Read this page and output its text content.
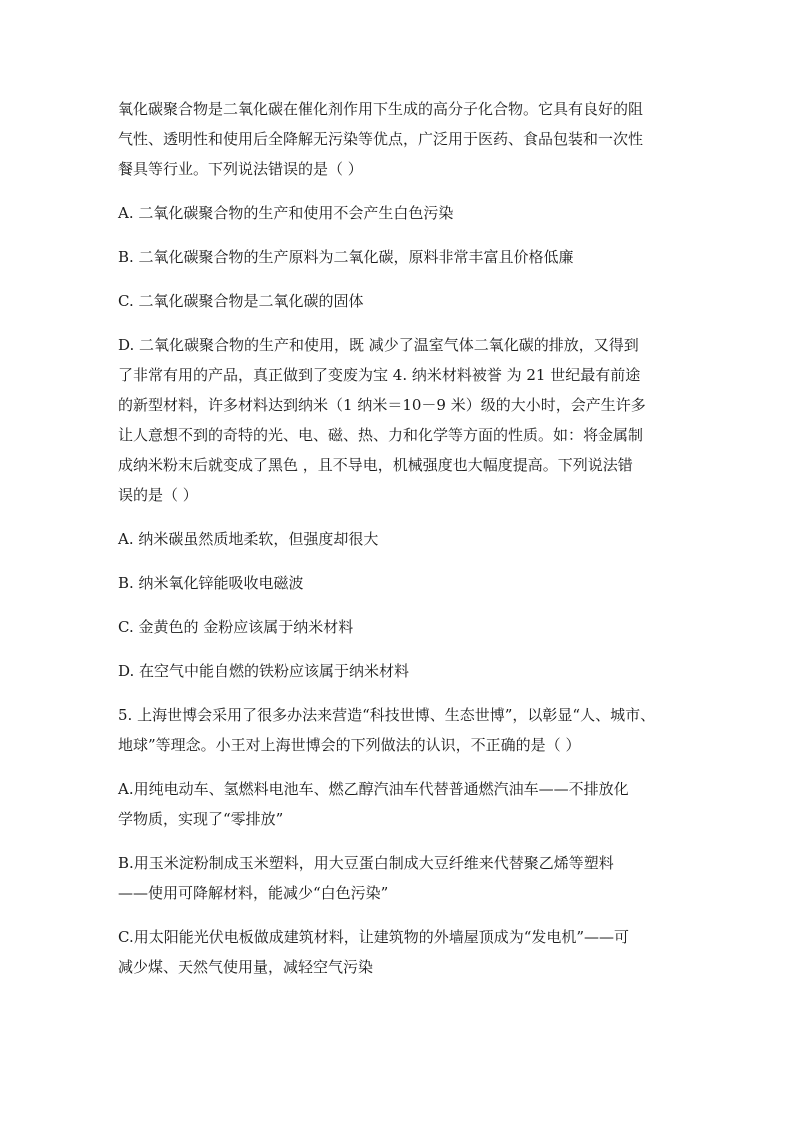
氧化碳聚合物是二氧化碳在催化剂作用下生成的高分子化合物。它具有良好的阻
气性、透明性和使用后全降解无污染等优点，广泛用于医药、食品包装和一次性
餐具等行业。下列说法错误的是（ ）
A. 二氧化碳聚合物的生产和使用不会产生白色污染
B. 二氧化碳聚合物的生产原料为二氧化碳，原料非常丰富且价格低廉
C. 二氧化碳聚合物是二氧化碳的固体
D. 二氧化碳聚合物的生产和使用，既 减少了温室气体二氧化碳的排放，又得到
了非常有用的产品，真正做到了变废为宝 4. 纳米材料被誉 为 21 世纪最有前途
的新型材料，许多材料达到纳米（1 纳米＝10－9 米）级的大小时，会产生许多
让人意想不到的奇特的光、电、磁、热、力和化学等方面的性质。如：将金属制
成纳米粉末后就变成了黑色 ，且不导电，机械强度也大幅度提高。下列说法错
误的是（ ）
A. 纳米碳虽然质地柔软，但强度却很大
B. 纳米氧化锌能吸收电磁波
C. 金黄色的 金粉应该属于纳米材料
D. 在空气中能自燃的铁粉应该属于纳米材料
5. 上海世博会采用了很多办法来营造“科技世博、生态世博”，以彰显“人、城市、
地球”等理念。小王对上海世博会的下列做法的认识，不正确的是（ ）
A.用纯电动车、氢燃料电池车、燃乙醇汽油车代替普通燃汽油车——不排放化
学物质，实现了“零排放”
B.用玉米淀粉制成玉米塑料，用大豆蛋白制成大豆纤维来代替聚乙烯等塑料
——使用可降解材料，能减少“白色污染”
C.用太阳能光伏电板做成建筑材料，让建筑物的外墙屋顶成为“发电机”——可
减少煤、天然气使用量，减轻空气污染
